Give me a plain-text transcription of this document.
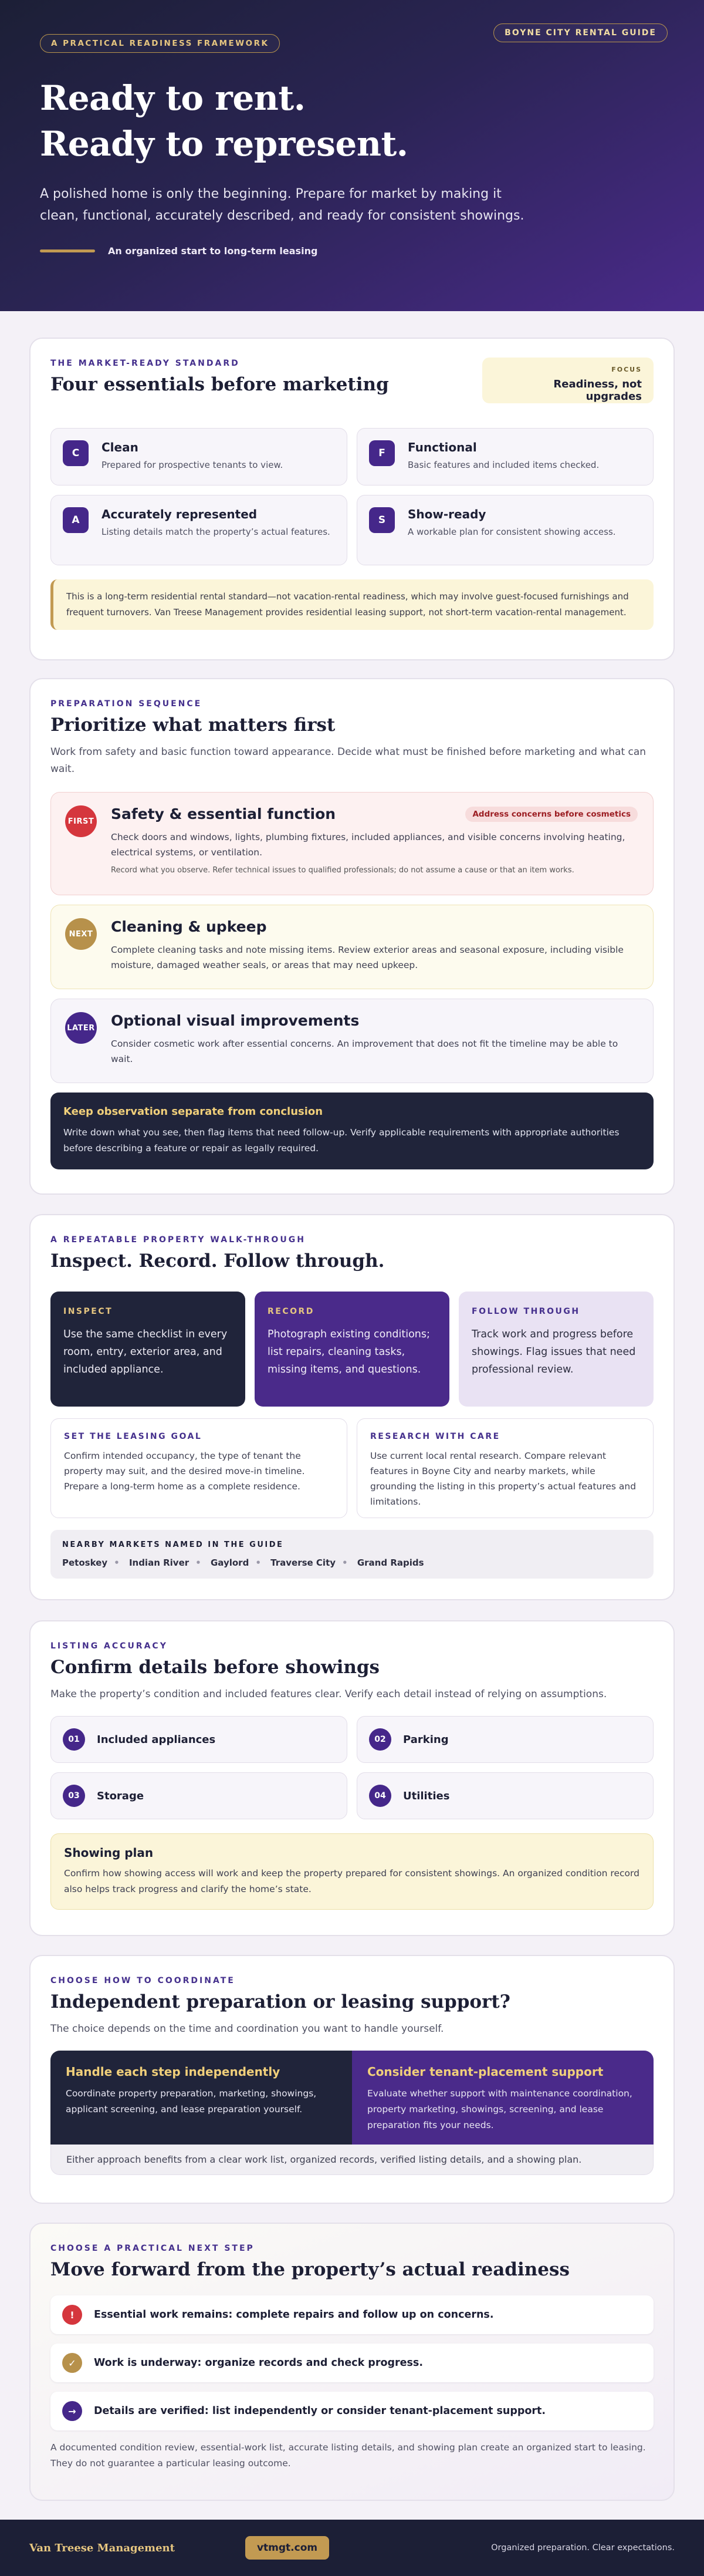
A PRACTICAL READINESS FRAMEWORK
BOYNE CITY RENTAL GUIDE
Ready to rent.
Ready to represent.

A polished home is only the beginning. Prepare for market by making it clean, functional, accurately described, and ready for consistent showings.

An organized start to long-term leasing
THE MARKET-READY STANDARD
Four essentials before marketing
FOCUS
Readiness, not upgrades
C	Clean
Prepared for prospective tenants to view.
F	Functional
Basic features and included items checked.
A	Accurately represented
Listing details match the property’s actual features.
S	Show-ready
A workable plan for consistent showing access.
This is a long-term residential rental standard—not vacation-rental readiness, which may involve guest-focused furnishings and frequent turnovers. Van Treese Management provides residential leasing support, not short-term vacation-rental management.
PREPARATION SEQUENCE
Prioritize what matters first
Work from safety and basic function toward appearance. Decide what must be finished before marketing and what can wait.
FIRST Safety & essential function	Address concerns before cosmetics
Check doors and windows, lights, plumbing fixtures, included appliances, and visible concerns involving heating, electrical systems, or ventilation.
Record what you observe. Refer technical issues to qualified professionals; do not assume a cause or that an item works.
NEXT Cleaning & upkeep
Complete cleaning tasks and note missing items. Review exterior areas and seasonal exposure, including visible moisture, damaged weather seals, or areas that may need upkeep.
LATER Optional visual improvements
Consider cosmetic work after essential concerns. An improvement that does not fit the timeline may be able to wait.
Keep observation separate from conclusion
Write down what you see, then flag items that need follow-up. Verify applicable requirements with appropriate authorities before describing a feature or repair as legally required.
A REPEATABLE PROPERTY WALK-THROUGH
Inspect. Record. Follow through.
INSPECT
Use the same checklist in every room, entry, exterior area, and included appliance.
RECORD
Photograph existing conditions; list repairs, cleaning tasks, missing items, and questions.
FOLLOW THROUGH
Track work and progress before showings. Flag issues that need professional review.
SET THE LEASING GOAL
Confirm intended occupancy, the type of tenant the property may suit, and the desired move-in timeline. Prepare a long-term home as a complete residence.
RESEARCH WITH CARE
Use current local rental research. Compare relevant features in Boyne City and nearby markets, while grounding the listing in this property’s actual features and limitations.
NEARBY MARKETS NAMED IN THE GUIDE
Petoskey • Indian River • Gaylord • Traverse City • Grand Rapids
LISTING ACCURACY
Confirm details before showings
Make the property’s condition and included features clear. Verify each detail instead of relying on assumptions.
01	Included appliances	02	Parking
03	Storage	04	Utilities
Showing plan
Confirm how showing access will work and keep the property prepared for consistent showings. An organized condition record also helps track progress and clarify the home’s state.
CHOOSE HOW TO COORDINATE
Independent preparation or leasing support?
The choice depends on the time and coordination you want to handle yourself.
Handle each step independently
Coordinate property preparation, marketing, showings, applicant screening, and lease preparation yourself.
Consider tenant-placement support
Evaluate whether support with maintenance coordination, property marketing, showings, screening, and lease preparation fits your needs.
Either approach benefits from a clear work list, organized records, verified listing details, and a showing plan.
CHOOSE A PRACTICAL NEXT STEP
Move forward from the property’s actual readiness
!	Essential work remains: complete repairs and follow up on concerns.
✓	Work is underway: organize records and check progress.
→	Details are verified: list independently or consider tenant-placement support.
A documented condition review, essential-work list, accurate listing details, and showing plan create an organized start to leasing. They do not guarantee a particular leasing outcome.
Van Treese Management	vtmgt.com	Organized preparation. Clear expectations.
